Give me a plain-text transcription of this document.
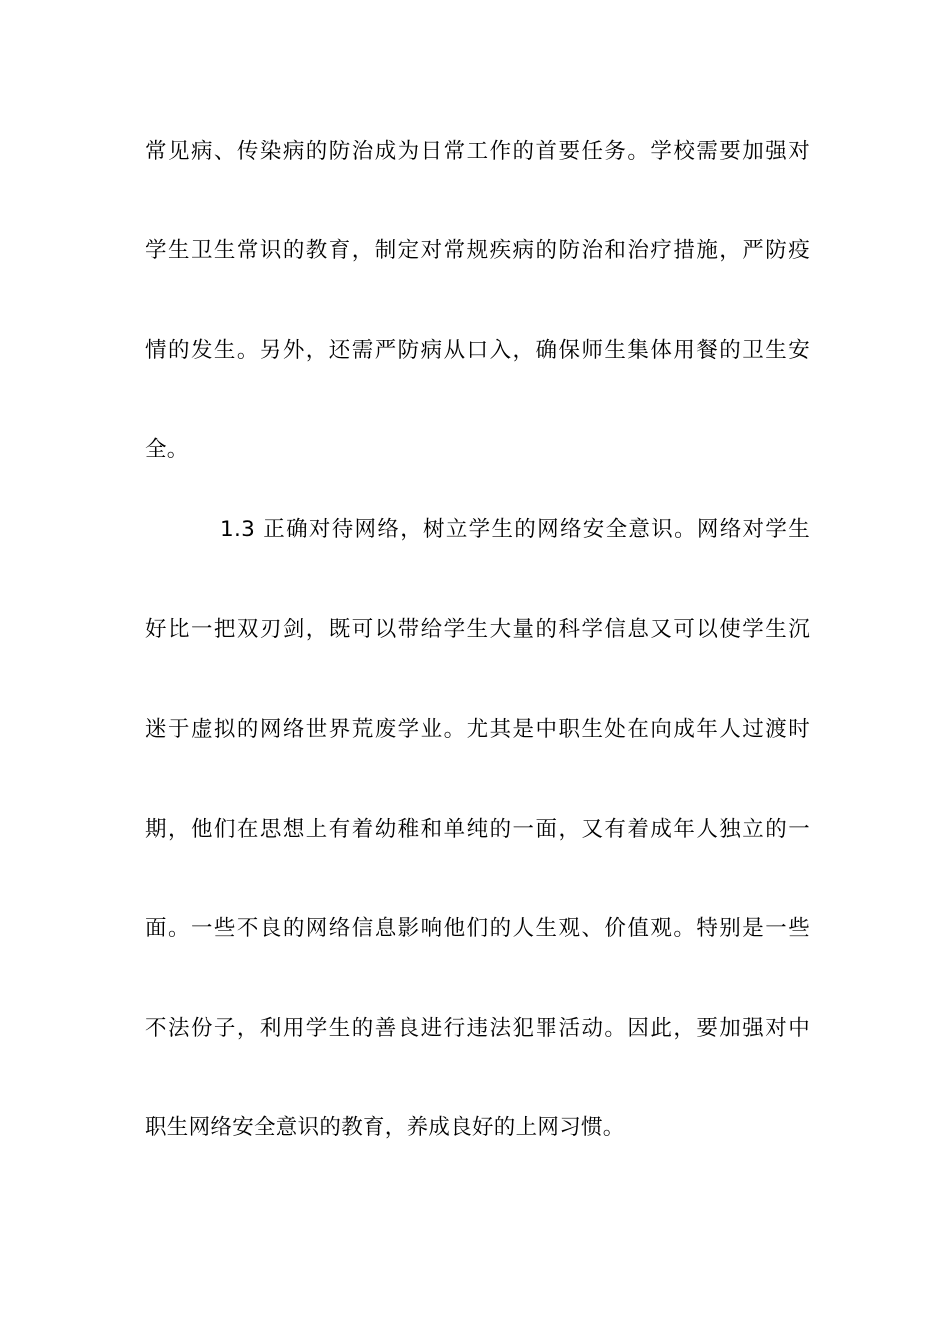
常见病、传染病的防治成为日常工作的首要任务。学校需要加强对
学生卫生常识的教育，制定对常规疾病的防治和治疗措施，严防疫
情的发生。另外，还需严防病从口入，确保师生集体用餐的卫生安
全。
1.3 正确对待网络，树立学生的网络安全意识。网络对学生
好比一把双刃剑，既可以带给学生大量的科学信息又可以使学生沉
迷于虚拟的网络世界荒废学业。尤其是中职生处在向成年人过渡时
期，他们在思想上有着幼稚和单纯的一面，又有着成年人独立的一
面。一些不良的网络信息影响他们的人生观、价值观。特别是一些
不法份子，利用学生的善良进行违法犯罪活动。因此，要加强对中
职生网络安全意识的教育，养成良好的上网习惯。
